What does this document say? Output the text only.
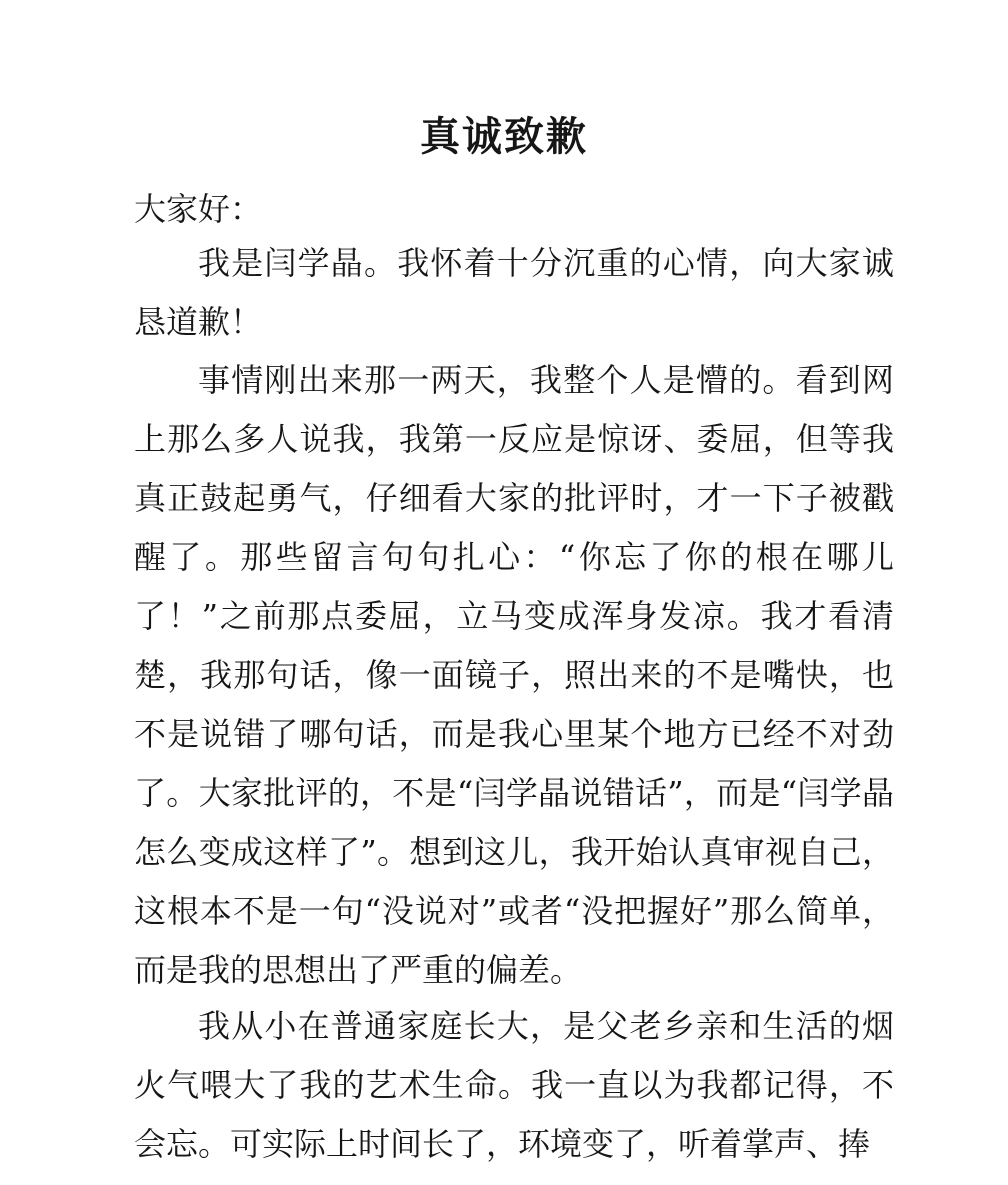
真诚致歉
大家好：

我是闫学晶。我怀着十分沉重的心情，向大家诚恳道歉！

事情刚出来那一两天，我整个人是懵的。看到网上那么多人说我，我第一反应是惊讶、委屈，但等我真正鼓起勇气，仔细看大家的批评时，才一下子被戳醒了。那些留言句句扎心：“你忘了你的根在哪儿了！”之前那点委屈，立马变成浑身发凉。我才看清楚，我那句话，像一面镜子，照出来的不是嘴快，也不是说错了哪句话，而是我心里某个地方已经不对劲了。大家批评的，不是“闫学晶说错话”，而是“闫学晶怎么变成这样了”。想到这儿，我开始认真审视自己，这根本不是一句“没说对”或者“没把握好”那么简单，而是我的思想出了严重的偏差。

我从小在普通家庭长大，是父老乡亲和生活的烟火气喂大了我的艺术生命。我一直以为我都记得，不会忘。可实际上时间长了，环境变了，听着掌声、捧
